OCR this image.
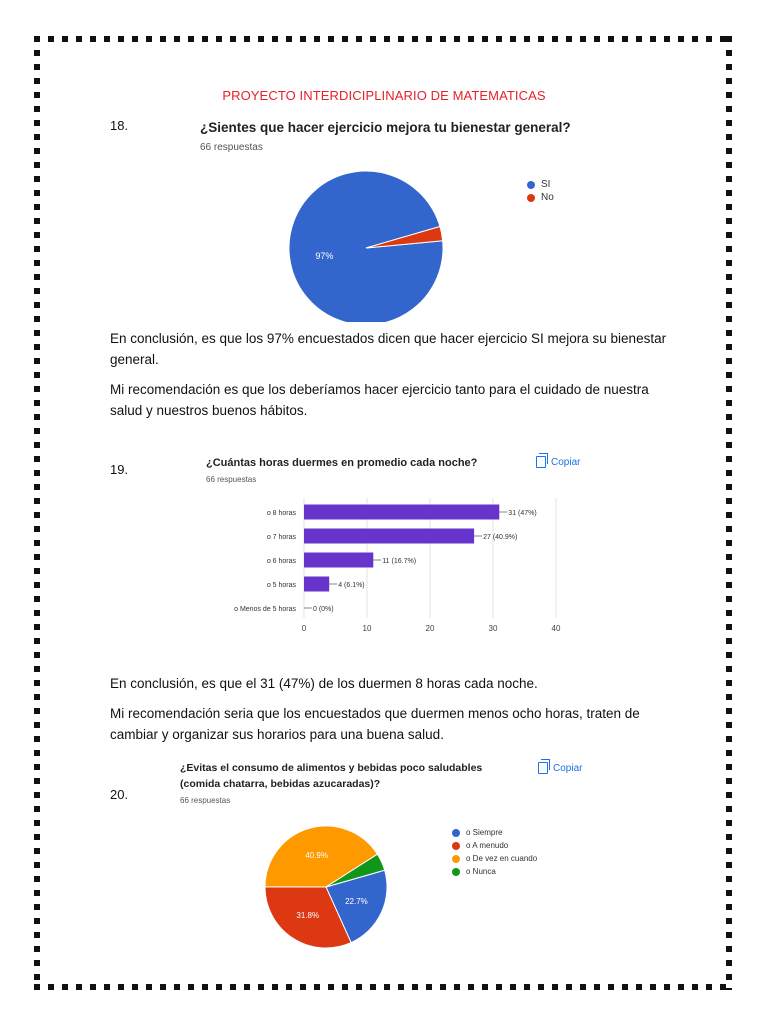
PROYECTO INTERDICIPLINARIO DE MATEMATICAS
18.	¿Sientes que hacer ejercicio mejora tu bienestar general?
66 respuestas
97%
SI
No
En conclusión, es que los 97% encuestados dicen que hacer ejercicio SI mejora su bienestar general.
Mi recomendación es que los deberíamos hacer ejercicio tanto para el cuidado de nuestra salud y nuestros buenos hábitos.
19.	¿Cuántas horas duermes en promedio cada noche?
66 respuestas
Copiar
0	10	20	30	40
o 8 horas	31 (47%)
o 7 horas	27 (40.9%)
o 6 horas	11 (16.7%)
o 5 horas	4 (6.1%)
o Menos de 5 horas 0 (0%)
En conclusión, es que el 31 (47%) de los duermen 8 horas cada noche.
Mi recomendación seria que los encuestados que duermen menos ocho horas, traten de cambiar y organizar sus horarios para una buena salud.
20.
¿Evitas el consumo de alimentos y bebidas poco saludables
(comida chatarra, bebidas azucaradas)?
66 respuestas
Copiar
22.7%
31.8%
40.9%
o Siempre
o A menudo
o De vez en cuando
o Nunca
